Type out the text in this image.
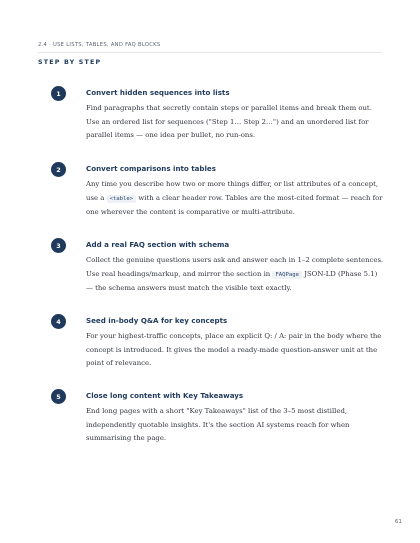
2.4 · USE LISTS, TABLES, AND FAQ BLOCKS
STEP BY STEP
1	Convert hidden sequences into lists
Find paragraphs that secretly contain steps or parallel items and break them out.
Use an ordered list for sequences ("Step 1… Step 2…") and an unordered list for
parallel items — one idea per bullet, no run-ons.
2	Convert comparisons into tables
Any time you describe how two or more things differ, or list attributes of a concept,
use a <table> with a clear header row. Tables are the most-cited format — reach for
one wherever the content is comparative or multi-attribute.
3	Add a real FAQ section with schema
Collect the genuine questions users ask and answer each in 1–2 complete sentences.
Use real headings/markup, and mirror the section in FAQPage JSON-LD (Phase 5.1)
— the schema answers must match the visible text exactly.
4	Seed in-body Q&A for key concepts
For your highest-traffic concepts, place an explicit Q: / A: pair in the body where the
concept is introduced. It gives the model a ready-made question-answer unit at the
point of relevance.
5	Close long content with Key Takeaways
End long pages with a short "Key Takeaways" list of the 3–5 most distilled,
independently quotable insights. It's the section AI systems reach for when
summarising the page.
61
